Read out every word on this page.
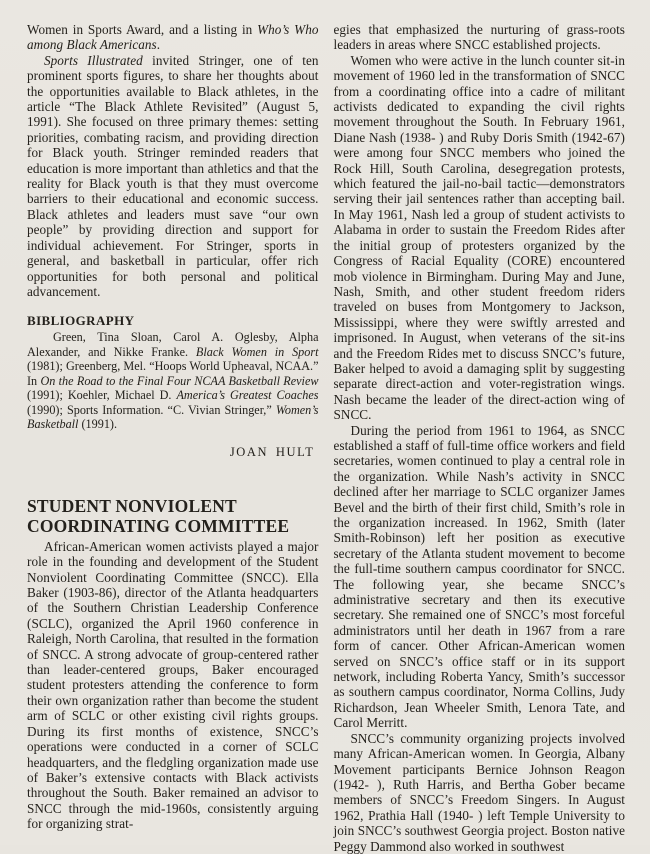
Women in Sports Award, and a listing in Who’s Who among Black Americans.

Sports Illustrated invited Stringer, one of ten prominent sports figures, to share her thoughts about the opportunities available to Black athletes, in the article “The Black Athlete Revisited” (August 5, 1991). She focused on three primary themes: setting priorities, combating racism, and providing direction for Black youth. Stringer reminded readers that education is more important than athletics and that the reality for Black youth is that they must overcome barriers to their educational and economic success. Black athletes and leaders must save “our own people” by providing direction and support for individual achievement. For Stringer, sports in general, and basketball in particular, offer rich opportunities for both personal and political advancement.

BIBLIOGRAPHY

Green, Tina Sloan, Carol A. Oglesby, Alpha Alexander, and Nikke Franke. Black Women in Sport (1981); Greenberg, Mel. “Hoops World Upheaval, NCAA.” In On the Road to the Final Four NCAA Basketball Review (1991); Koehler, Michael D. America’s Greatest Coaches (1990); Sports Information. “C. Vivian Stringer,” Women’s Basketball (1991).

JOAN HULT
STUDENT NONVIOLENT COORDINATING COMMITTEE

African-American women activists played a major role in the founding and development of the Student Nonviolent Coordinating Committee (SNCC). Ella Baker (1903-86), director of the Atlanta headquarters of the Southern Christian Leadership Conference (SCLC), organized the April 1960 conference in Raleigh, North Carolina, that resulted in the formation of SNCC. A strong advocate of group-centered rather than leader-centered groups, Baker encouraged student protesters attending the conference to form their own organization rather than become the student arm of SCLC or other existing civil rights groups. During its first months of existence, SNCC’s operations were conducted in a corner of SCLC headquarters, and the fledgling organization made use of Baker’s extensive contacts with Black activists throughout the South. Baker remained an advisor to SNCC through the mid-1960s, consistently arguing for organizing strat-

egies that emphasized the nurturing of grass-roots leaders in areas where SNCC established projects.

Women who were active in the lunch counter sit-in movement of 1960 led in the transformation of SNCC from a coordinating office into a cadre of militant activists dedicated to expanding the civil rights movement throughout the South. In February 1961, Diane Nash (1938- ) and Ruby Doris Smith (1942-67) were among four SNCC members who joined the Rock Hill, South Carolina, desegregation protests, which featured the jail-no-bail tactic—demonstrators serving their jail sentences rather than accepting bail. In May 1961, Nash led a group of student activists to Alabama in order to sustain the Freedom Rides after the initial group of protesters organized by the Congress of Racial Equality (CORE) encountered mob violence in Birmingham. During May and June, Nash, Smith, and other student freedom riders traveled on buses from Montgomery to Jackson, Mississippi, where they were swiftly arrested and imprisoned. In August, when veterans of the sit-ins and the Freedom Rides met to discuss SNCC’s future, Baker helped to avoid a damaging split by suggesting separate direct-action and voter-registration wings. Nash became the leader of the direct-action wing of SNCC.

During the period from 1961 to 1964, as SNCC established a staff of full-time office workers and field secretaries, women continued to play a central role in the organization. While Nash’s activity in SNCC declined after her marriage to SCLC organizer James Bevel and the birth of their first child, Smith’s role in the organization increased. In 1962, Smith (later Smith-Robinson) left her position as executive secretary of the Atlanta student movement to become the full-time southern campus coordinator for SNCC. The following year, she became SNCC’s administrative secretary and then its executive secretary. She remained one of SNCC’s most forceful administrators until her death in 1967 from a rare form of cancer. Other African-American women served on SNCC’s office staff or in its support network, including Roberta Yancy, Smith’s successor as southern campus coordinator, Norma Collins, Judy Richardson, Jean Wheeler Smith, Lenora Tate, and Carol Merritt.

SNCC’s community organizing projects involved many African-American women. In Georgia, Albany Movement participants Bernice Johnson Reagon (1942- ), Ruth Harris, and Bertha Gober became members of SNCC’s Freedom Singers. In August 1962, Prathia Hall (1940- ) left Temple University to join SNCC’s southwest Georgia project. Boston native Peggy Dammond also worked in southwest
